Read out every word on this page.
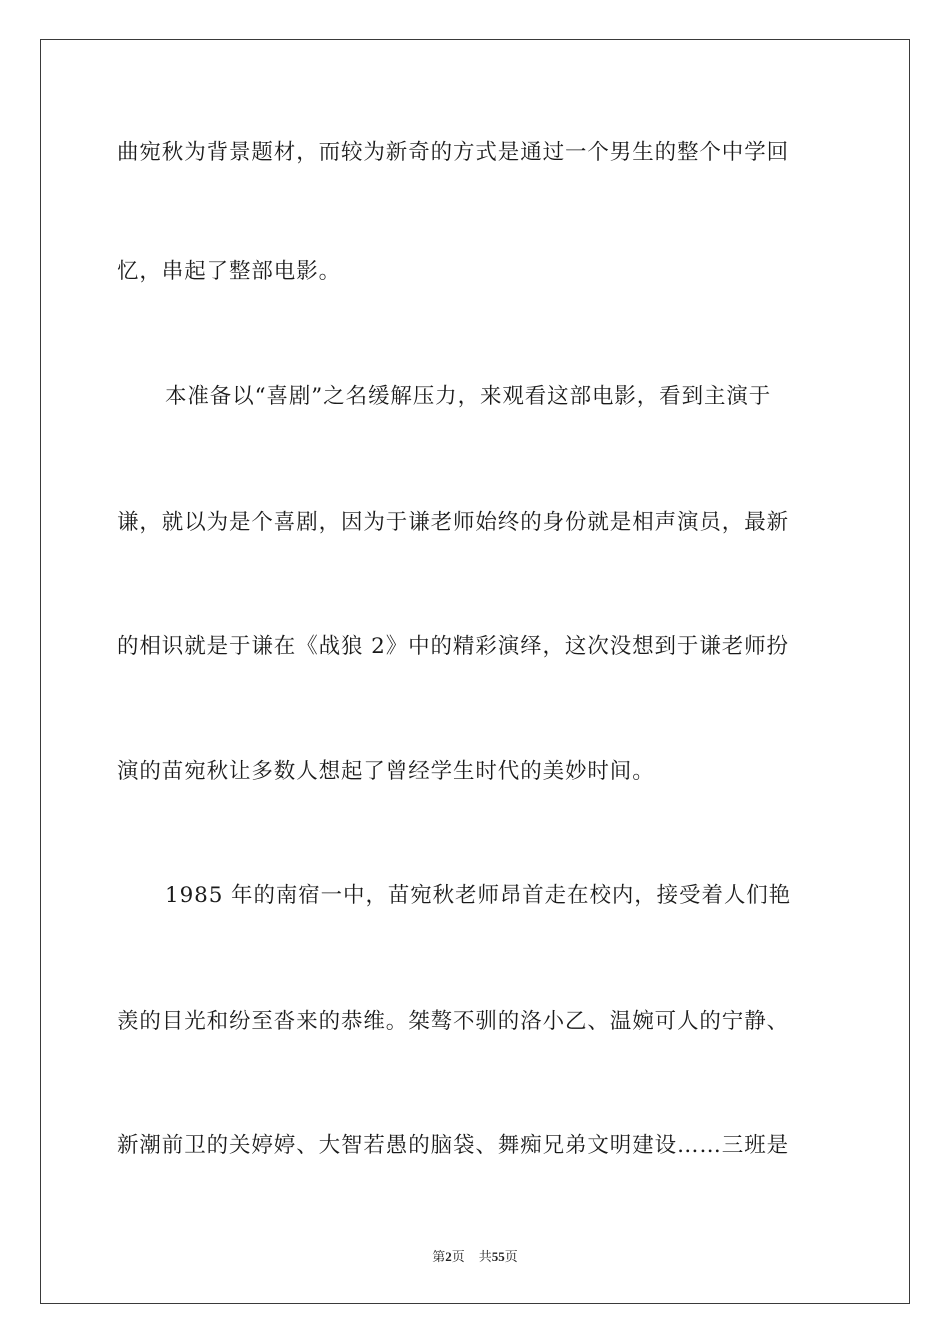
曲宛秋为背景题材，而较为新奇的方式是通过一个男生的整个中学回
忆，串起了整部电影。
本准备以“喜剧”之名缓解压力，来观看这部电影，看到主演于
谦，就以为是个喜剧，因为于谦老师始终的身份就是相声演员，最新
的相识就是于谦在《战狼 2》中的精彩演绎，这次没想到于谦老师扮
演的苗宛秋让多数人想起了曾经学生时代的美妙时间。
1985 年的南宿一中，苗宛秋老师昂首走在校内，接受着人们艳
羡的目光和纷至沓来的恭维。桀骜不驯的洛小乙、温婉可人的宁静、
新潮前卫的关婷婷、大智若愚的脑袋、舞痴兄弟文明建设……三班是
第2页 共55页
